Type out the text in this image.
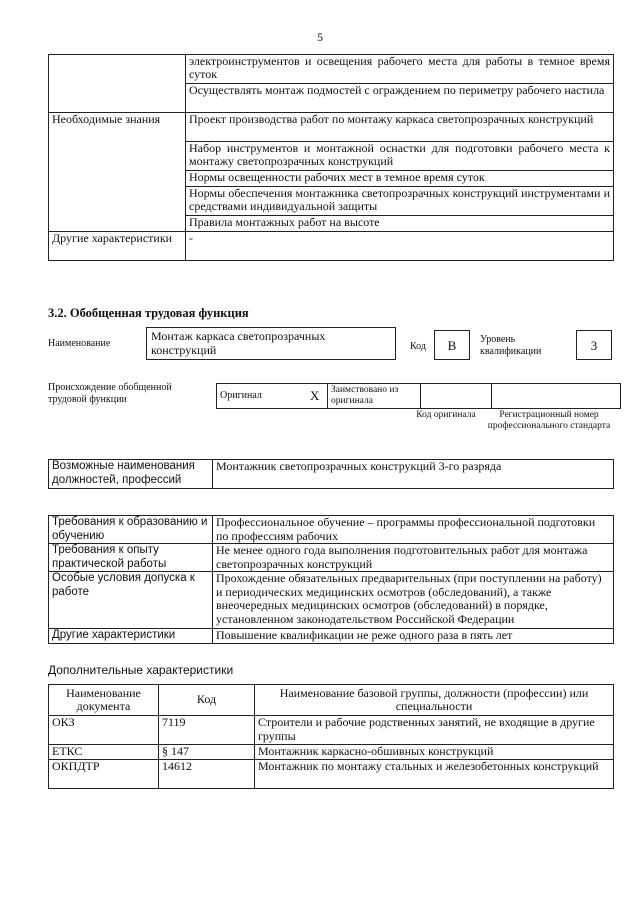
5
	электроинструментов и освещения рабочего места для работы в темное время суток
	Осуществлять монтаж подмостей с ограждением по периметру рабочего настила
Необходимые знания	Проект производства работ по монтажу каркаса светопрозрачных конструкций
	Набор инструментов и монтажной оснастки для подготовки рабочего места к монтажу светопрозрачных конструкций
	Нормы освещенности рабочих мест в темное время суток
	Нормы обеспечения монтажника светопрозрачных конструкций инструментами и средствами индивидуальной защиты
	Правила монтажных работ на высоте
Другие характеристики	-
3.2. Обобщенная трудовая функция
Наименование
Монтаж каркаса светопрозрачных конструкций	Код	B	Уровень квалификации	3
Происхождение обобщенной трудовой функции	Оригинал	X	Заимствовано из оригинала		
Код оригинала	Регистрационный номер профессионального стандарта
Возможные наименования должностей, профессий	Монтажник светопрозрачных конструкций 3-го разряда
Требования к образованию и обучению	Профессиональное обучение – программы профессиональной подготовки по профессиям рабочих
Требования к опыту практической работы	Не менее одного года выполнения подготовительных работ для монтажа светопрозрачных конструкций
Особые условия допуска к работе	Прохождение обязательных предварительных (при поступлении на работу) и периодических медицинских осмотров (обследований), а также внеочередных медицинских осмотров (обследований) в порядке, установленном законодательством Российской Федерации
Другие характеристики	Повышение квалификации не реже одного раза в пять лет
Дополнительные характеристики
Наименование документа	Код	Наименование базовой группы, должности (профессии) или специальности
ОКЗ	7119	Строители и рабочие родственных занятий, не входящие в другие группы
ЕТКС	§ 147	Монтажник каркасно-обшивных конструкций
ОКПДТР	14612	Монтажник по монтажу стальных и железобетонных конструкций
